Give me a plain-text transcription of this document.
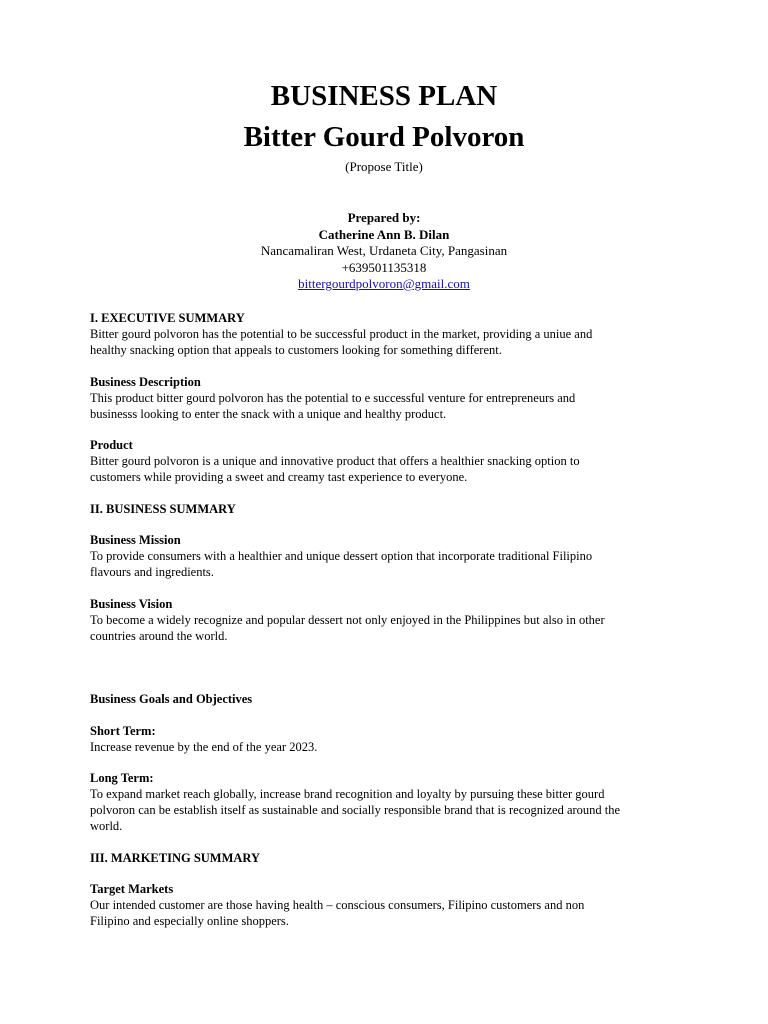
BUSINESS PLAN
Bitter Gourd Polvoron
(Propose Title)
Prepared by:
Catherine Ann B. Dilan
Nancamaliran West, Urdaneta City, Pangasinan
+639501135318
bittergourdpolvoron@gmail.com
I. EXECUTIVE SUMMARY
Bitter gourd polvoron has the potential to be successful product in the market, providing a uniue and
healthy snacking option that appeals to customers looking for something different.
Business Description
This product bitter gourd polvoron has the potential to e successful venture for entrepreneurs and
businesss looking to enter the snack with a unique and healthy product.
Product
Bitter gourd polvoron is a unique and innovative product that offers a healthier snacking option to
customers while providing a sweet and creamy tast experience to everyone.
II. BUSINESS SUMMARY
Business Mission
To provide consumers with a healthier and unique dessert option that incorporate traditional Filipino
flavours and ingredients.
Business Vision
To become a widely recognize and popular dessert not only enjoyed in the Philippines but also in other
countries around the world.
Business Goals and Objectives
Short Term:
Increase revenue by the end of the year 2023.
Long Term:
To expand market reach globally, increase brand recognition and loyalty by pursuing these bitter gourd
polvoron can be establish itself as sustainable and socially responsible brand that is recognized around the
world.
III. MARKETING SUMMARY
Target Markets
Our intended customer are those having health – conscious consumers, Filipino customers and non
Filipino and especially online shoppers.
